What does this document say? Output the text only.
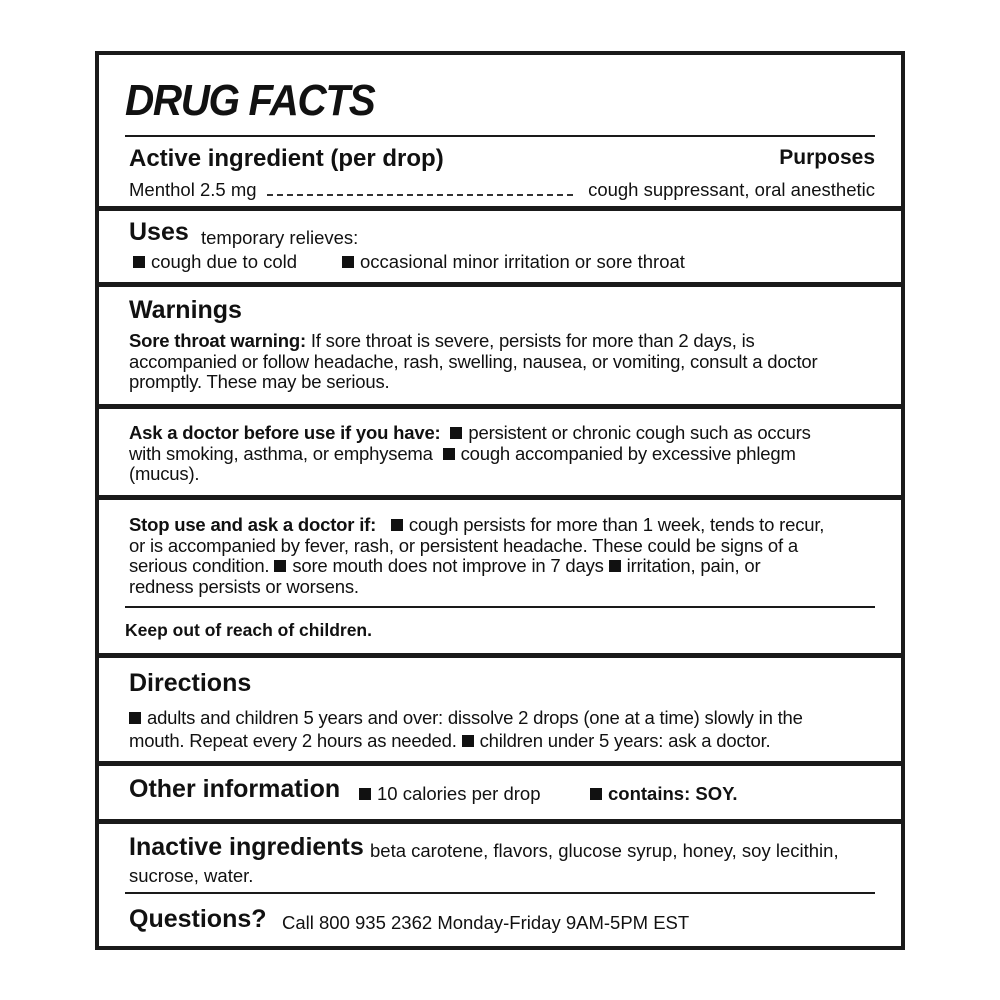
DRUG FACTS
Active ingredient (per drop)	Purposes
Menthol 2.5 mg	cough suppressant, oral anesthetic
Uses temporary relieves:
cough due to cold	occasional minor irritation or sore throat
Warnings
Sore throat warning: If sore throat is severe, persists for more than 2 days, is
accompanied or follow headache, rash, swelling, nausea, or vomiting, consult a doctor
promptly. These may be serious.
Ask a doctor before use if you have: persistent or chronic cough such as occurs
with smoking, asthma, or emphysema cough accompanied by excessive phlegm
(mucus).
Stop use and ask a doctor if: cough persists for more than 1 week, tends to recur,
or is accompanied by fever, rash, or persistent headache. These could be signs of a
serious condition. sore mouth does not improve in 7 days irritation, pain, or
redness persists or worsens.
Keep out of reach of children.
Directions
adults and children 5 years and over: dissolve 2 drops (one at a time) slowly in the
mouth. Repeat every 2 hours as needed. children under 5 years: ask a doctor.
Other information	10 calories per drop	contains: SOY.
Inactive ingredients beta carotene, flavors, glucose syrup, honey, soy lecithin,
sucrose, water.
Questions? Call 800 935 2362 Monday-Friday 9AM-5PM EST
